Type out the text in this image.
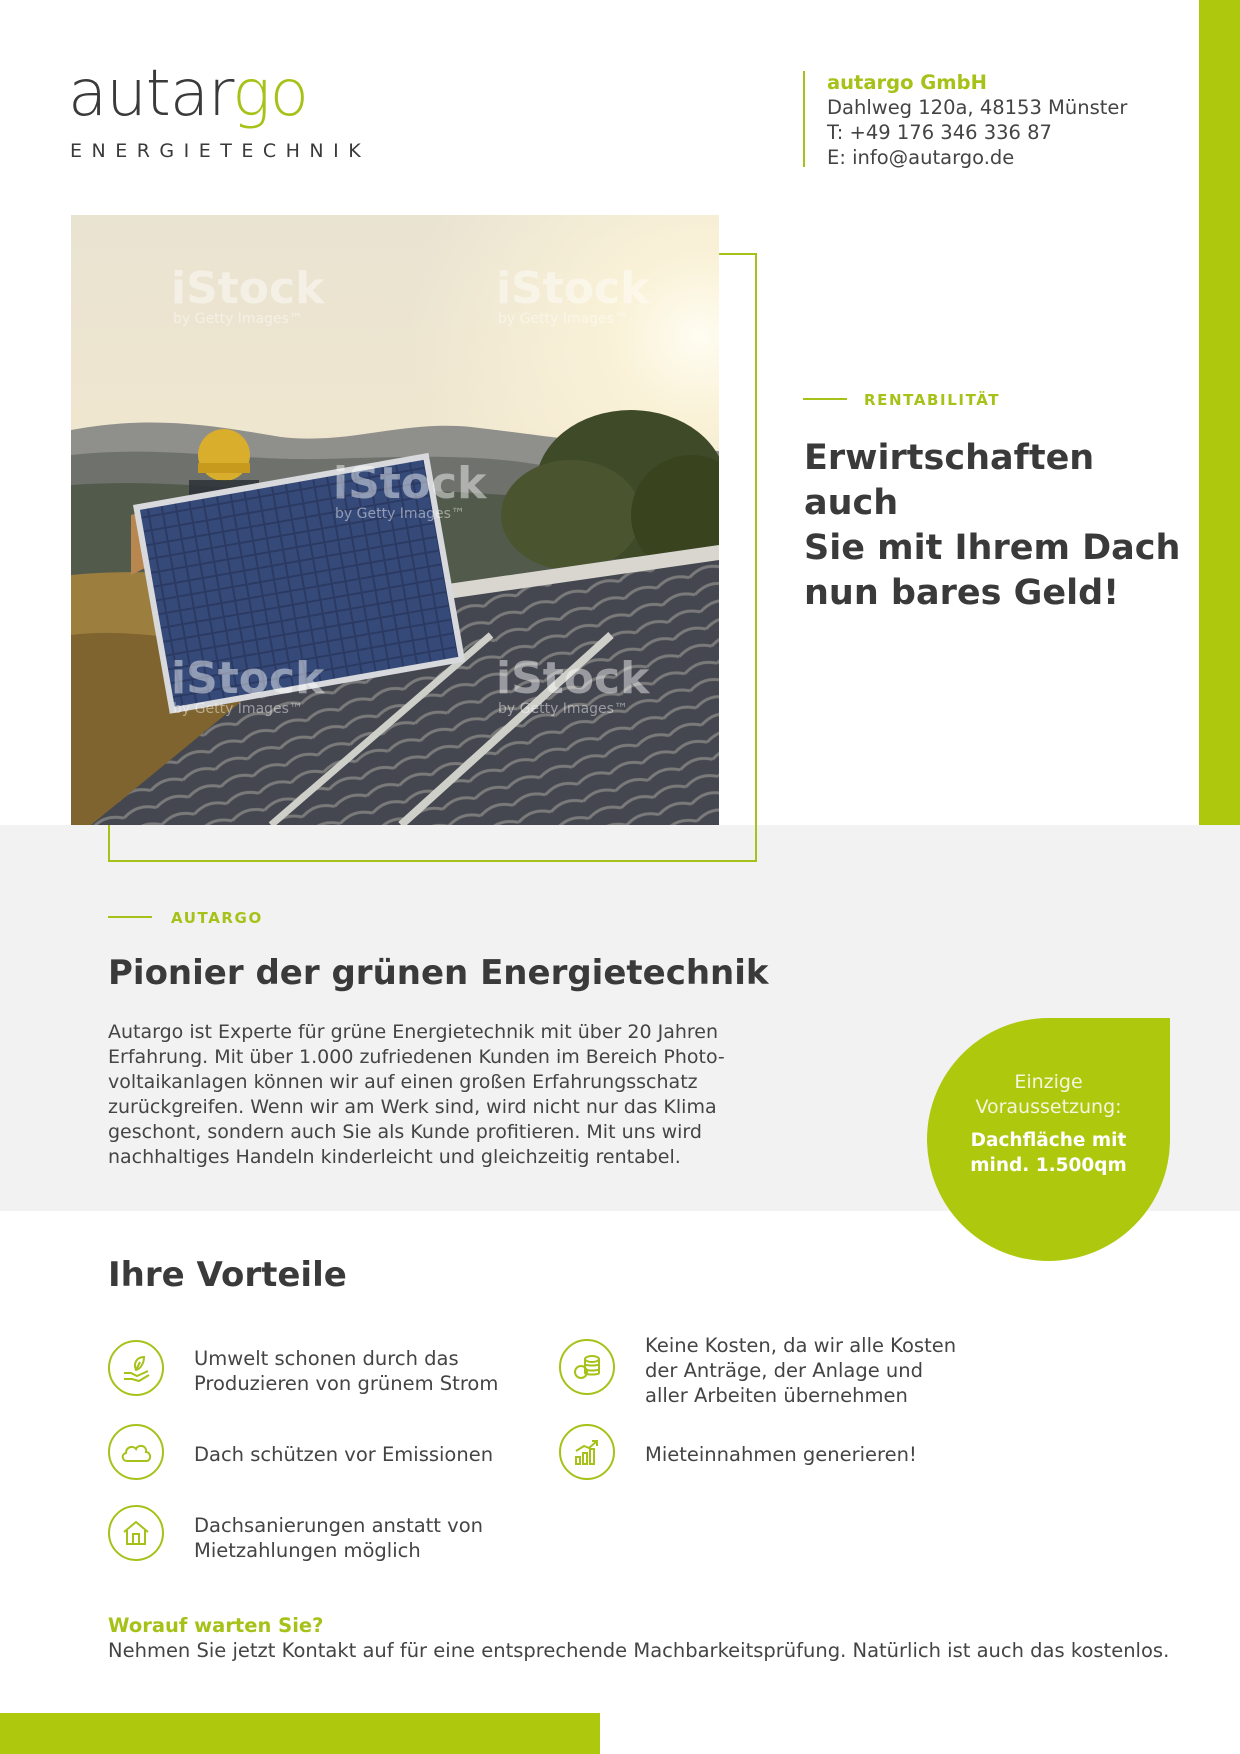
autargo
ENERGIETECHNIK
autargo GmbH
Dahlweg 120a, 48153 Münster
T: +49 176 346 336 87
E: info@autargo.de
iStock
by Getty Images™
iStock
by Getty Images™
iStock
by Getty Images™
iStock
by Getty Images™
iStock
by Getty Images™
RENTABILITÄT
Erwirtschaften auch
Sie mit Ihrem Dach
nun bares Geld!
AUTARGO
Pionier der grünen Energietechnik
Autargo ist Experte für grüne Energietechnik mit über 20 Jahren
Erfahrung. Mit über 1.000 zufriedenen Kunden im Bereich Photo-
voltaikanlagen können wir auf einen großen Erfahrungsschatz
zurückgreifen. Wenn wir am Werk sind, wird nicht nur das Klima
geschont, sondern auch Sie als Kunde profitieren. Mit uns wird
nachhaltiges Handeln kinderleicht und gleichzeitig rentabel.
Einzige
Voraussetzung:
Dachfläche mit
mind. 1.500qm
Ihre Vorteile
Umwelt schonen durch das
Produzieren von grünem Strom
Dach schützen vor Emissionen
Dachsanierungen anstatt von
Mietzahlungen möglich
Keine Kosten, da wir alle Kosten
der Anträge, der Anlage und
aller Arbeiten übernehmen
Mieteinnahmen generieren!
Worauf warten Sie?
Nehmen Sie jetzt Kontakt auf für eine entsprechende Machbarkeitsprüfung. Natürlich ist auch das kostenlos.
